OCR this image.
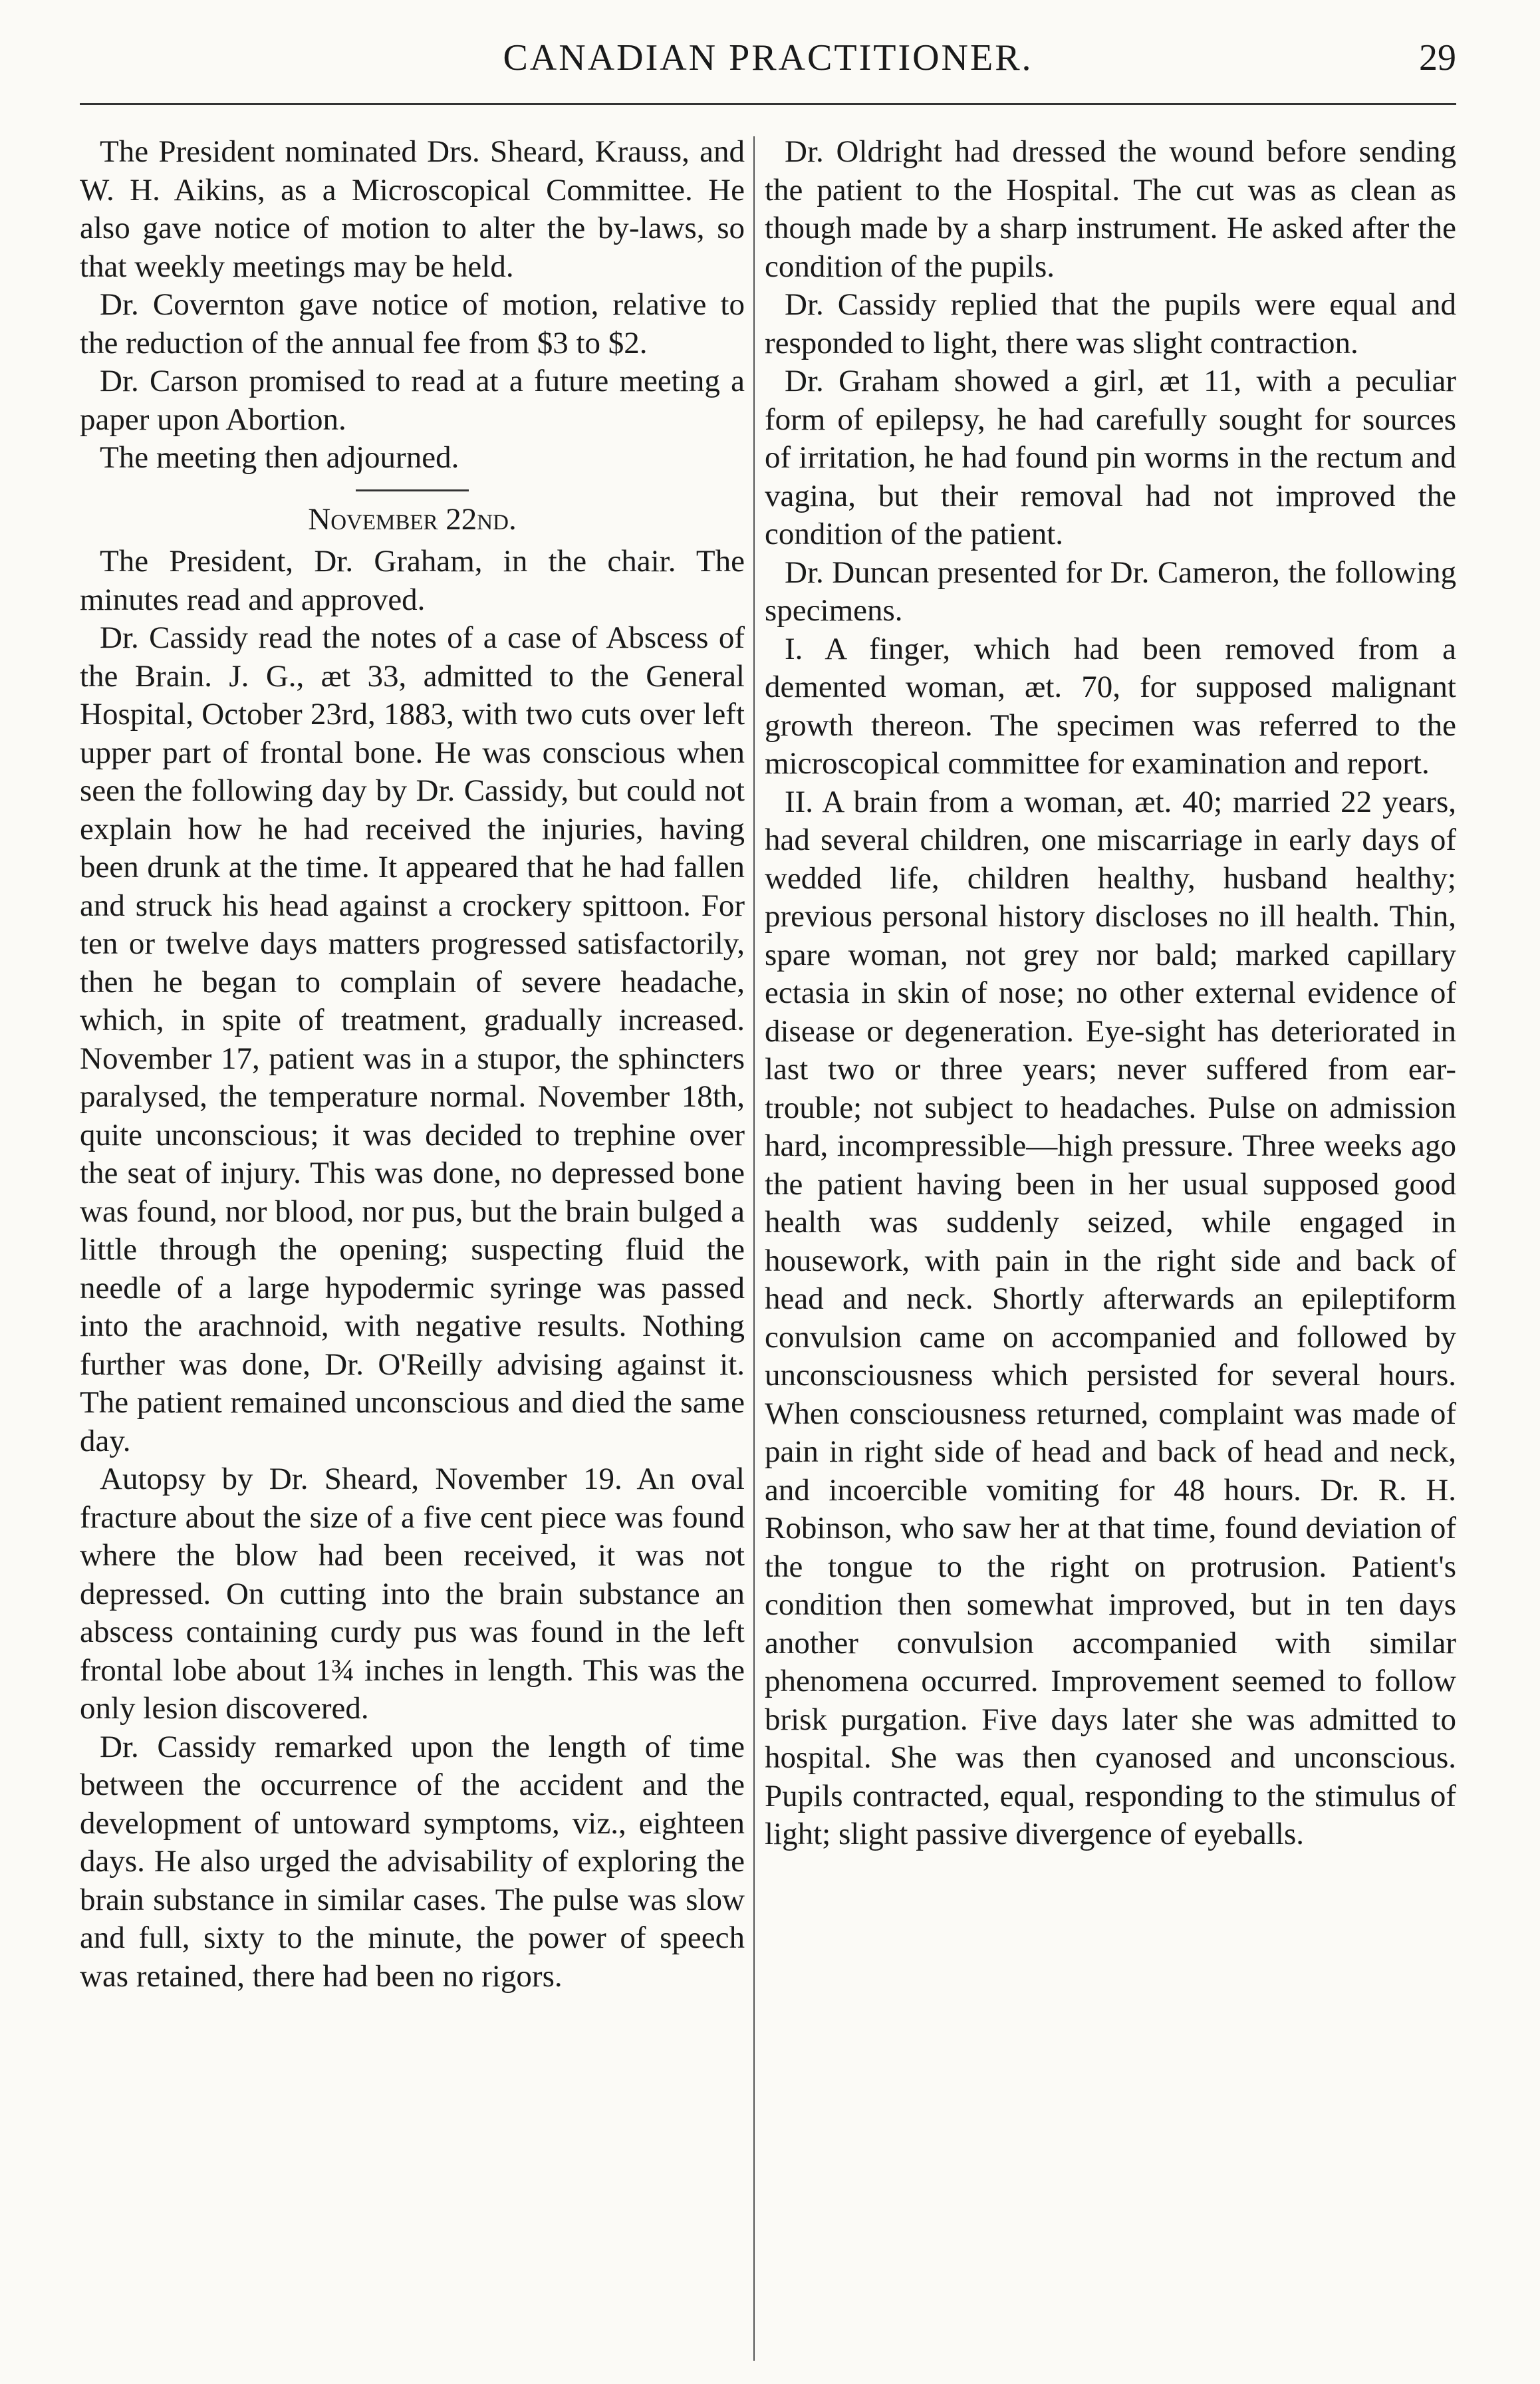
CANADIAN PRACTITIONER.	29

The President nominated Drs. Sheard, Krauss, and W. H. Aikins, as a Microscopical Committee. He also gave notice of motion to alter the by-laws, so that weekly meetings may be held.

Dr. Covernton gave notice of motion, relative to the reduction of the annual fee from $3 to $2.

Dr. Carson promised to read at a future meeting a paper upon Abortion.

The meeting then adjourned.

November 22nd.

The President, Dr. Graham, in the chair. The minutes read and approved.

Dr. Cassidy read the notes of a case of Abscess of the Brain. J. G., æt 33, admitted to the General Hospital, October 23rd, 1883, with two cuts over left upper part of frontal bone. He was conscious when seen the following day by Dr. Cassidy, but could not explain how he had received the injuries, having been drunk at the time. It appeared that he had fallen and struck his head against a crockery spittoon. For ten or twelve days matters progressed satisfactorily, then he began to complain of severe headache, which, in spite of treatment, gradually increased. November 17, patient was in a stupor, the sphincters paralysed, the temperature normal. November 18th, quite unconscious; it was decided to trephine over the seat of injury. This was done, no depressed bone was found, nor blood, nor pus, but the brain bulged a little through the opening; suspecting fluid the needle of a large hypodermic syringe was passed into the arachnoid, with negative results. Nothing further was done, Dr. O'Reilly advising against it. The patient remained unconscious and died the same day.

Autopsy by Dr. Sheard, November 19. An oval fracture about the size of a five cent piece was found where the blow had been received, it was not depressed. On cutting into the brain substance an abscess containing curdy pus was found in the left frontal lobe about 1¾ inches in length. This was the only lesion discovered.

Dr. Cassidy remarked upon the length of time between the occurrence of the accident and the development of untoward symptoms, viz., eighteen days. He also urged the advisability of exploring the brain substance in similar cases. The pulse was slow and full, sixty to the minute, the power of speech was retained, there had been no rigors.

Dr. Oldright had dressed the wound before sending the patient to the Hospital. The cut was as clean as though made by a sharp instrument. He asked after the condition of the pupils.

Dr. Cassidy replied that the pupils were equal and responded to light, there was slight contraction.

Dr. Graham showed a girl, æt 11, with a peculiar form of epilepsy, he had carefully sought for sources of irritation, he had found pin worms in the rectum and vagina, but their removal had not improved the condition of the patient.

Dr. Duncan presented for Dr. Cameron, the following specimens.

I. A finger, which had been removed from a demented woman, æt. 70, for supposed malignant growth thereon. The specimen was referred to the microscopical committee for examination and report.

II. A brain from a woman, æt. 40; married 22 years, had several children, one miscarriage in early days of wedded life, children healthy, husband healthy; previous personal history discloses no ill health. Thin, spare woman, not grey nor bald; marked capillary ectasia in skin of nose; no other external evidence of disease or degeneration. Eye-sight has deteriorated in last two or three years; never suffered from ear-trouble; not subject to headaches. Pulse on admission hard, incompressible—high pressure. Three weeks ago the patient having been in her usual supposed good health was suddenly seized, while engaged in housework, with pain in the right side and back of head and neck. Shortly afterwards an epileptiform convulsion came on accompanied and followed by unconsciousness which persisted for several hours. When consciousness returned, complaint was made of pain in right side of head and back of head and neck, and incoercible vomiting for 48 hours. Dr. R. H. Robinson, who saw her at that time, found deviation of the tongue to the right on protrusion. Patient's condition then somewhat improved, but in ten days another convulsion accompanied with similar phenomena occurred. Improvement seemed to follow brisk purgation. Five days later she was admitted to hospital. She was then cyanosed and unconscious. Pupils contracted, equal, responding to the stimulus of light; slight passive divergence of eyeballs.
